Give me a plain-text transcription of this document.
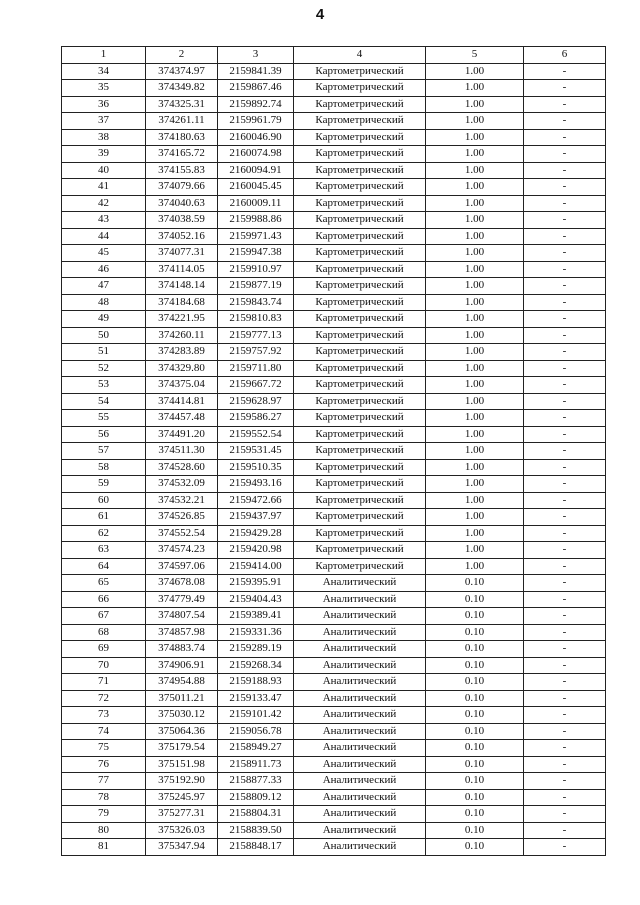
4
1	2	3	4	5	6
34	374374.97	2159841.39	Картометрический	1.00	-
35	374349.82	2159867.46	Картометрический	1.00	-
36	374325.31	2159892.74	Картометрический	1.00	-
37	374261.11	2159961.79	Картометрический	1.00	-
38	374180.63	2160046.90	Картометрический	1.00	-
39	374165.72	2160074.98	Картометрический	1.00	-
40	374155.83	2160094.91	Картометрический	1.00	-
41	374079.66	2160045.45	Картометрический	1.00	-
42	374040.63	2160009.11	Картометрический	1.00	-
43	374038.59	2159988.86	Картометрический	1.00	-
44	374052.16	2159971.43	Картометрический	1.00	-
45	374077.31	2159947.38	Картометрический	1.00	-
46	374114.05	2159910.97	Картометрический	1.00	-
47	374148.14	2159877.19	Картометрический	1.00	-
48	374184.68	2159843.74	Картометрический	1.00	-
49	374221.95	2159810.83	Картометрический	1.00	-
50	374260.11	2159777.13	Картометрический	1.00	-
51	374283.89	2159757.92	Картометрический	1.00	-
52	374329.80	2159711.80	Картометрический	1.00	-
53	374375.04	2159667.72	Картометрический	1.00	-
54	374414.81	2159628.97	Картометрический	1.00	-
55	374457.48	2159586.27	Картометрический	1.00	-
56	374491.20	2159552.54	Картометрический	1.00	-
57	374511.30	2159531.45	Картометрический	1.00	-
58	374528.60	2159510.35	Картометрический	1.00	-
59	374532.09	2159493.16	Картометрический	1.00	-
60	374532.21	2159472.66	Картометрический	1.00	-
61	374526.85	2159437.97	Картометрический	1.00	-
62	374552.54	2159429.28	Картометрический	1.00	-
63	374574.23	2159420.98	Картометрический	1.00	-
64	374597.06	2159414.00	Картометрический	1.00	-
65	374678.08	2159395.91	Аналитический	0.10	-
66	374779.49	2159404.43	Аналитический	0.10	-
67	374807.54	2159389.41	Аналитический	0.10	-
68	374857.98	2159331.36	Аналитический	0.10	-
69	374883.74	2159289.19	Аналитический	0.10	-
70	374906.91	2159268.34	Аналитический	0.10	-
71	374954.88	2159188.93	Аналитический	0.10	-
72	375011.21	2159133.47	Аналитический	0.10	-
73	375030.12	2159101.42	Аналитический	0.10	-
74	375064.36	2159056.78	Аналитический	0.10	-
75	375179.54	2158949.27	Аналитический	0.10	-
76	375151.98	2158911.73	Аналитический	0.10	-
77	375192.90	2158877.33	Аналитический	0.10	-
78	375245.97	2158809.12	Аналитический	0.10	-
79	375277.31	2158804.31	Аналитический	0.10	-
80	375326.03	2158839.50	Аналитический	0.10	-
81	375347.94	2158848.17	Аналитический	0.10	-
